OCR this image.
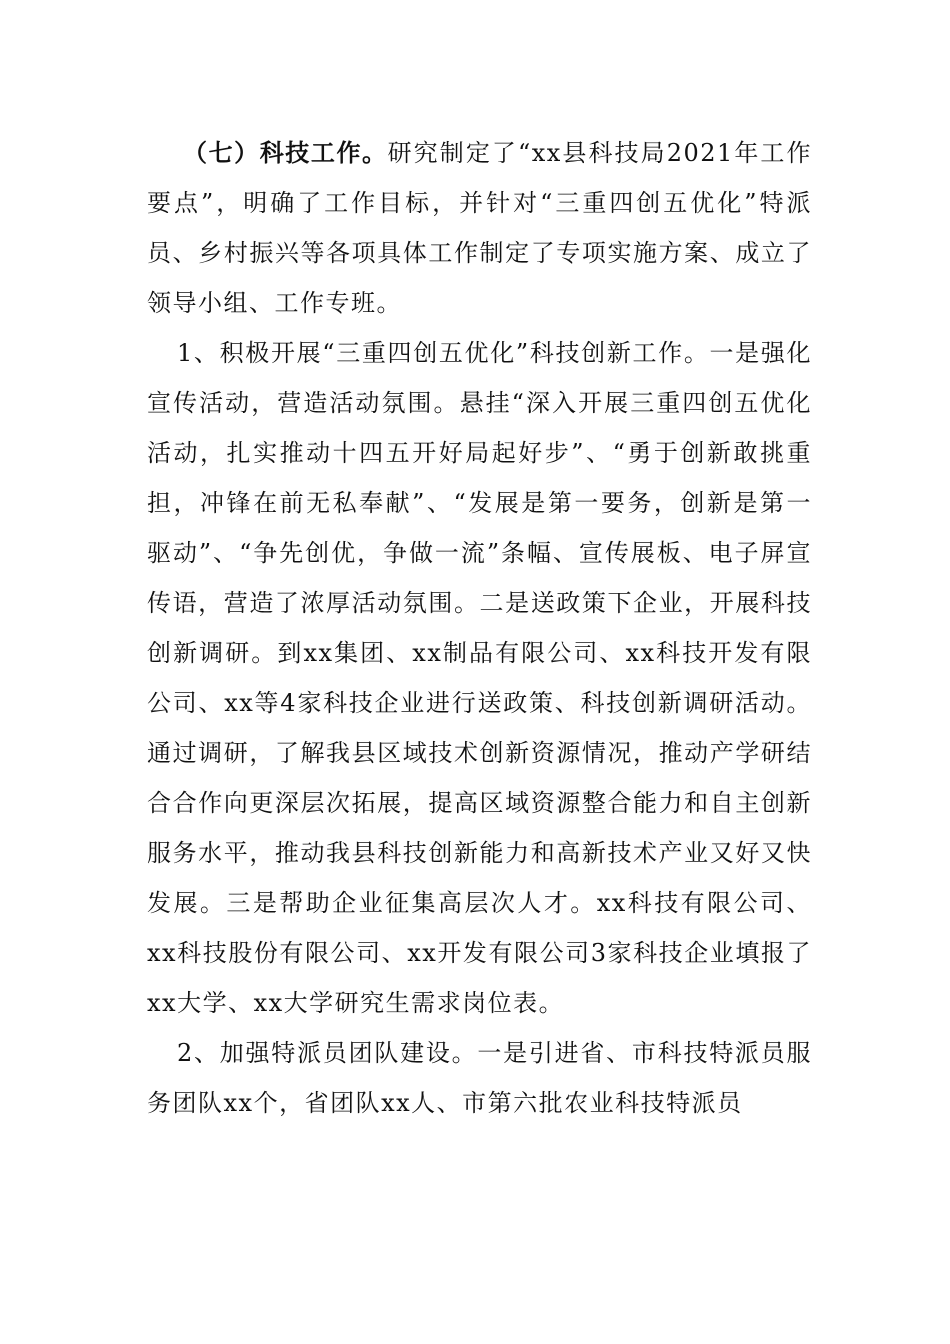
（七）科技工作。研究制定了“xx县科技局2021年工作要点”，明确了工作目标，并针对“三重四创五优化”特派员、乡村振兴等各项具体工作制定了专项实施方案、成立了领导小组、工作专班。

1、积极开展“三重四创五优化”科技创新工作。一是强化宣传活动，营造活动氛围。悬挂“深入开展三重四创五优化活动，扎实推动十四五开好局起好步”、“勇于创新敢挑重担，冲锋在前无私奉献”、“发展是第一要务，创新是第一驱动”、“争先创优，争做一流”条幅、宣传展板、电子屏宣传语，营造了浓厚活动氛围。二是送政策下企业，开展科技创新调研。到xx集团、xx制品有限公司、xx科技开发有限公司、xx等4家科技企业进行送政策、科技创新调研活动。通过调研，了解我县区域技术创新资源情况，推动产学研结合合作向更深层次拓展，提高区域资源整合能力和自主创新服务水平，推动我县科技创新能力和高新技术产业又好又快发展。三是帮助企业征集高层次人才。xx科技有限公司、xx科技股份有限公司、xx开发有限公司3家科技企业填报了xx大学、xx大学研究生需求岗位表。

2、加强特派员团队建设。一是引进省、市科技特派员服务团队xx个，省团队xx人、市第六批农业科技特派员
